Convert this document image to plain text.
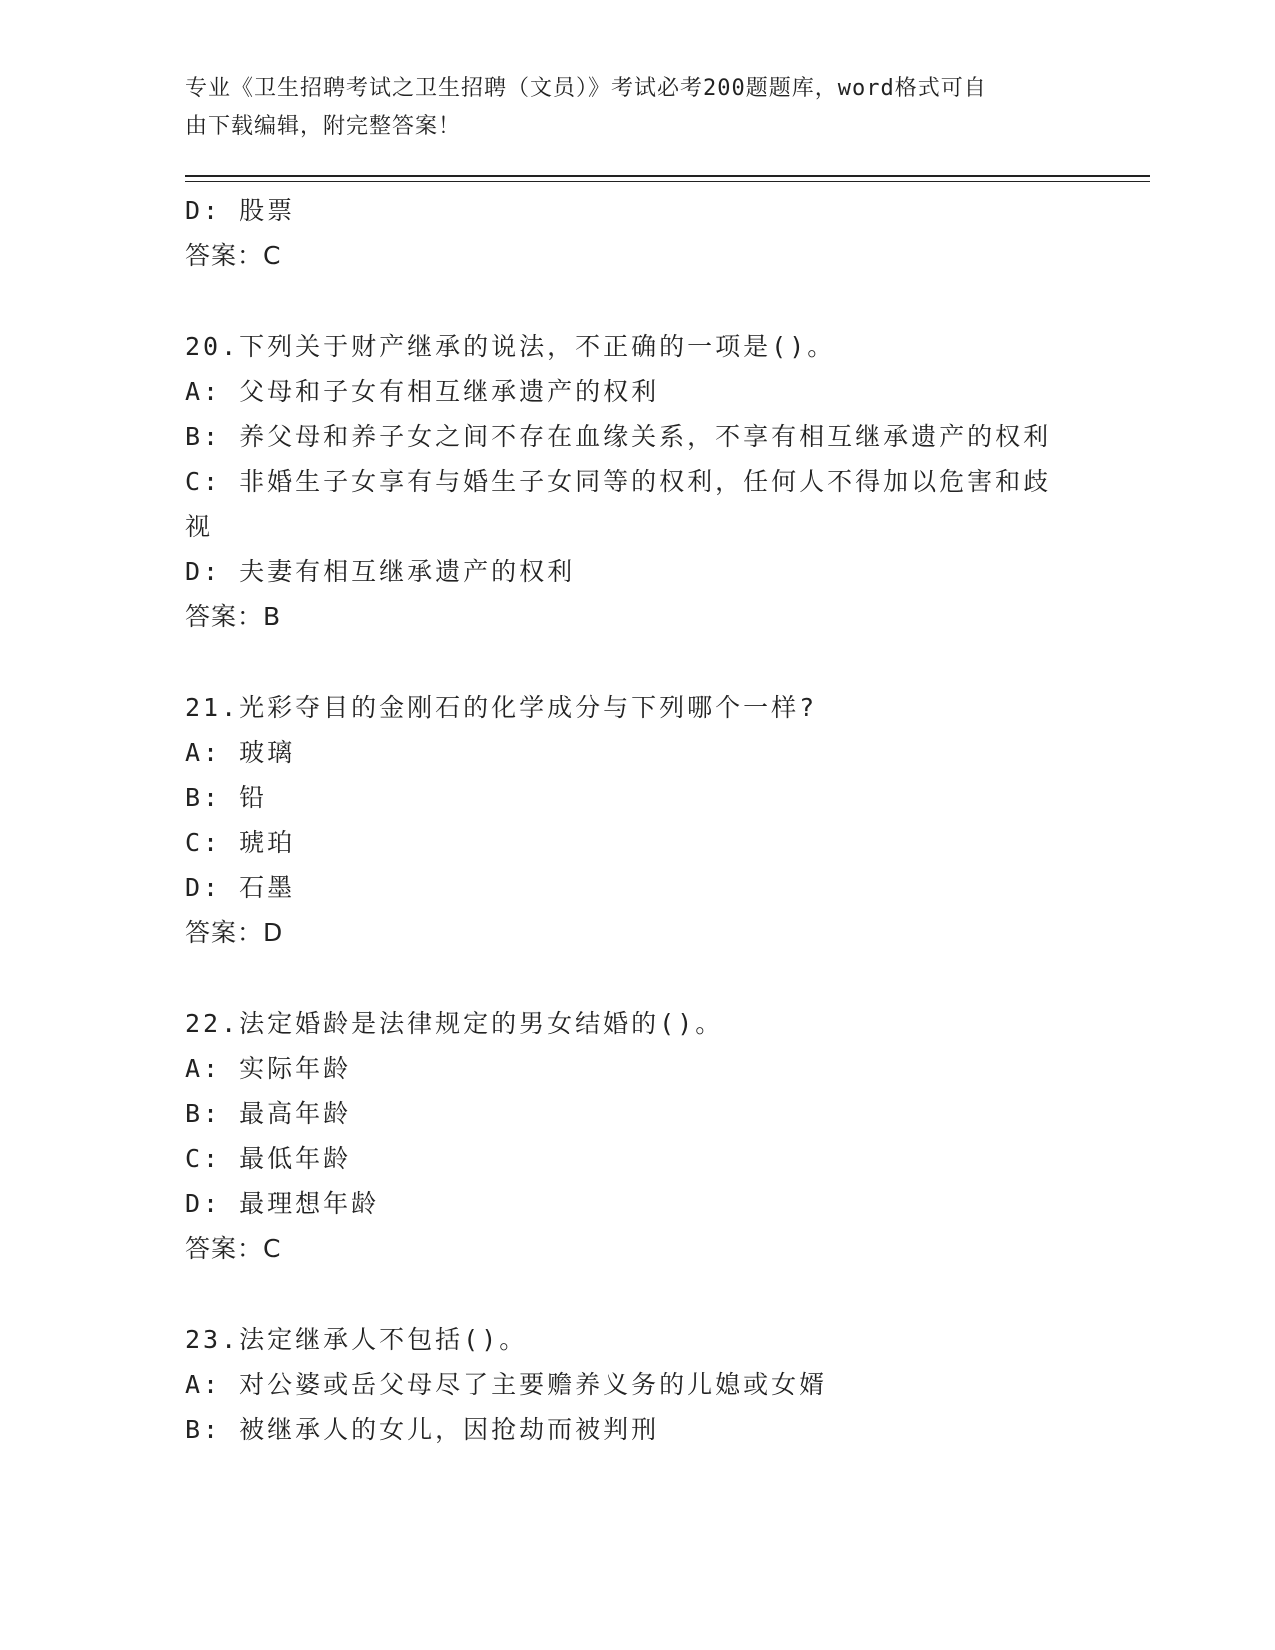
专业《卫生招聘考试之卫生招聘（文员）》考试必考200题题库，word格式可自
由下载编辑，附完整答案！
D: 股票
答案：C
20.下列关于财产继承的说法，不正确的一项是()。
A: 父母和子女有相互继承遗产的权利
B: 养父母和养子女之间不存在血缘关系，不享有相互继承遗产的权利
C: 非婚生子女享有与婚生子女同等的权利，任何人不得加以危害和歧
视
D: 夫妻有相互继承遗产的权利
答案：B
21.光彩夺目的金刚石的化学成分与下列哪个一样?
A: 玻璃
B: 铅
C: 琥珀
D: 石墨
答案：D
22.法定婚龄是法律规定的男女结婚的()。
A: 实际年龄
B: 最高年龄
C: 最低年龄
D: 最理想年龄
答案：C
23.法定继承人不包括()。
A: 对公婆或岳父母尽了主要赡养义务的儿媳或女婿
B: 被继承人的女儿，因抢劫而被判刑
